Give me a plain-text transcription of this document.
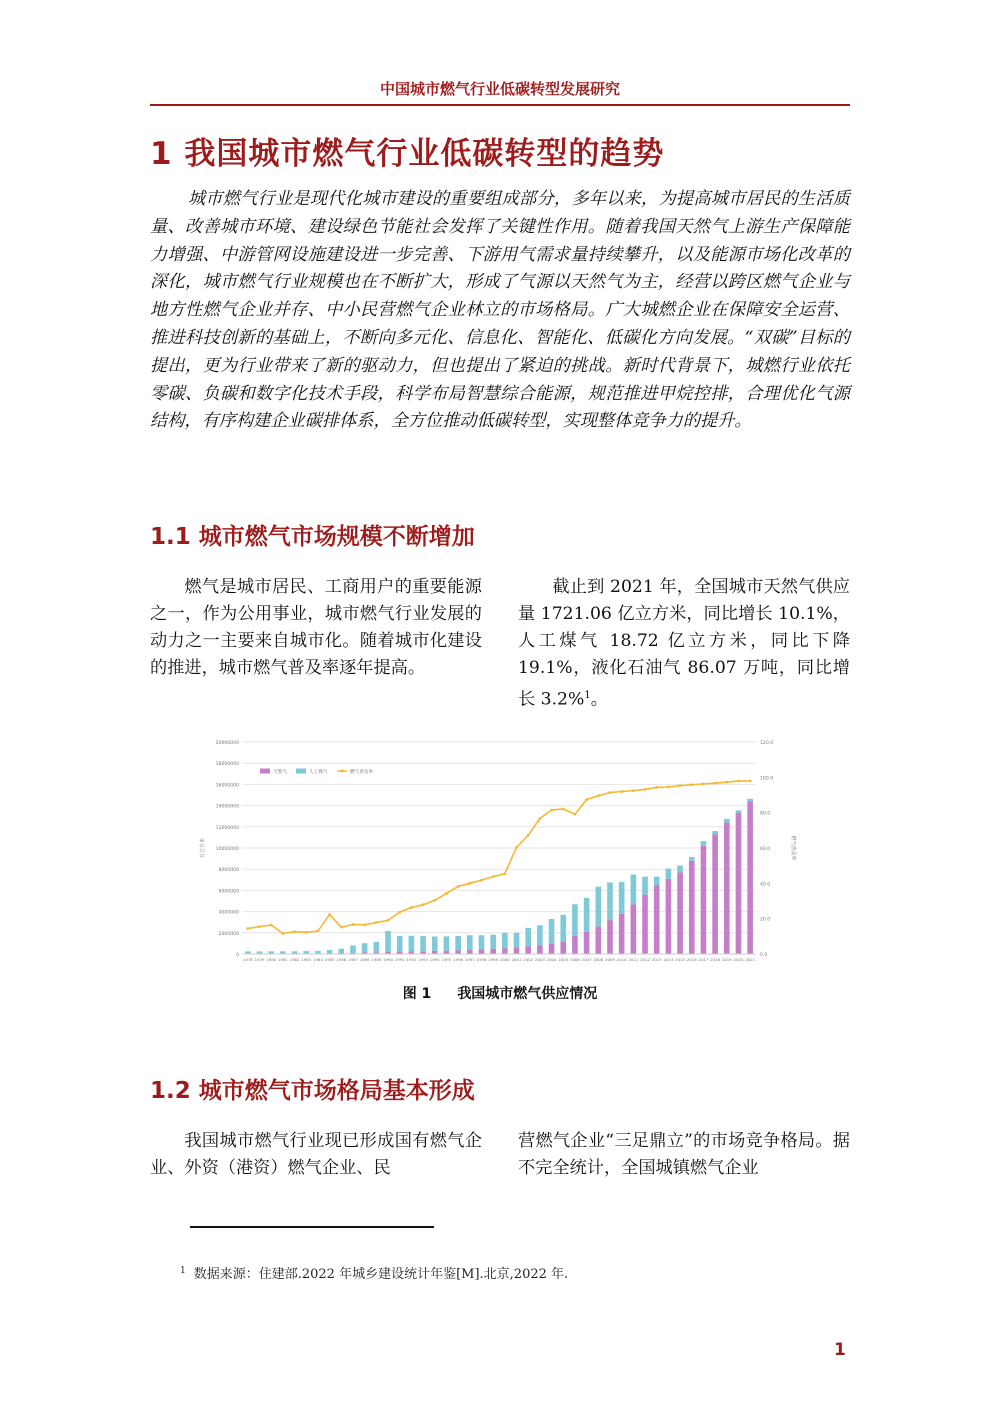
中国城市燃气行业低碳转型发展研究
1 我国城市燃气行业低碳转型的趋势
城市燃气行业是现代化城市建设的重要组成部分，多年以来，为提高城市居民的生活质量、改善城市环境、建设绿色节能社会发挥了关键性作用。随着我国天然气上游生产保障能力增强、中游管网设施建设进一步完善、下游用气需求量持续攀升，以及能源市场化改革的深化，城市燃气行业规模也在不断扩大，形成了气源以天然气为主，经营以跨区燃气企业与地方性燃气企业并存、中小民营燃气企业林立的市场格局。广大城燃企业在保障安全运营、推进科技创新的基础上，不断向多元化、信息化、智能化、低碳化方向发展。“双碳”目标的提出，更为行业带来了新的驱动力，但也提出了紧迫的挑战。新时代背景下，城燃行业依托零碳、负碳和数字化技术手段，科学布局智慧综合能源，规范推进甲烷控排，合理优化气源结构，有序构建企业碳排体系，全方位推动低碳转型，实现整体竞争力的提升。
1.1 城市燃气市场规模不断增加
燃气是城市居民、工商用户的重要能源之一，作为公用事业，城市燃气行业发展的动力之一主要来自城市化。随着城市化建设的推进，城市燃气普及率逐年提高。
截止到 2021 年，全国城市天然气供应量 1721.06 亿立方米，同比增长 10.1%，人工煤气 18.72 亿立方米，同比下降 19.1%，液化石油气 86.07 万吨，同比增长 3.2%$^1$。
0
2000000
4000000
6000000
8000000
10000000
12000000
14000000
16000000
18000000
20000000
0.0
20.0
40.0
60.0
80.0
100.0
120.0
万立方米	燃气普及率
1978 1979 1980 1981 1982 1983 1984 1985 1986 1987 1988 1989 1990 1991 1992 1993 1994 1995 1996 1997 1998 1999 2000 2001 2002 2003 2004 2005 2006 2007 2008 2009 2010 2011 2012 2013 2014 2015 2016 2017 2018 2019 2020 2021
天然气	人工煤气	燃气普及率
图 1 我国城市燃气供应情况
1.2 城市燃气市场格局基本形成
我国城市燃气行业现已形成国有燃气企业、外资（港资）燃气企业、民
营燃气企业“三足鼎立”的市场竞争格局。据不完全统计，全国城镇燃气企业
$^1$ 数据来源：住建部.2022 年城乡建设统计年鉴[M].北京,2022 年.
1
